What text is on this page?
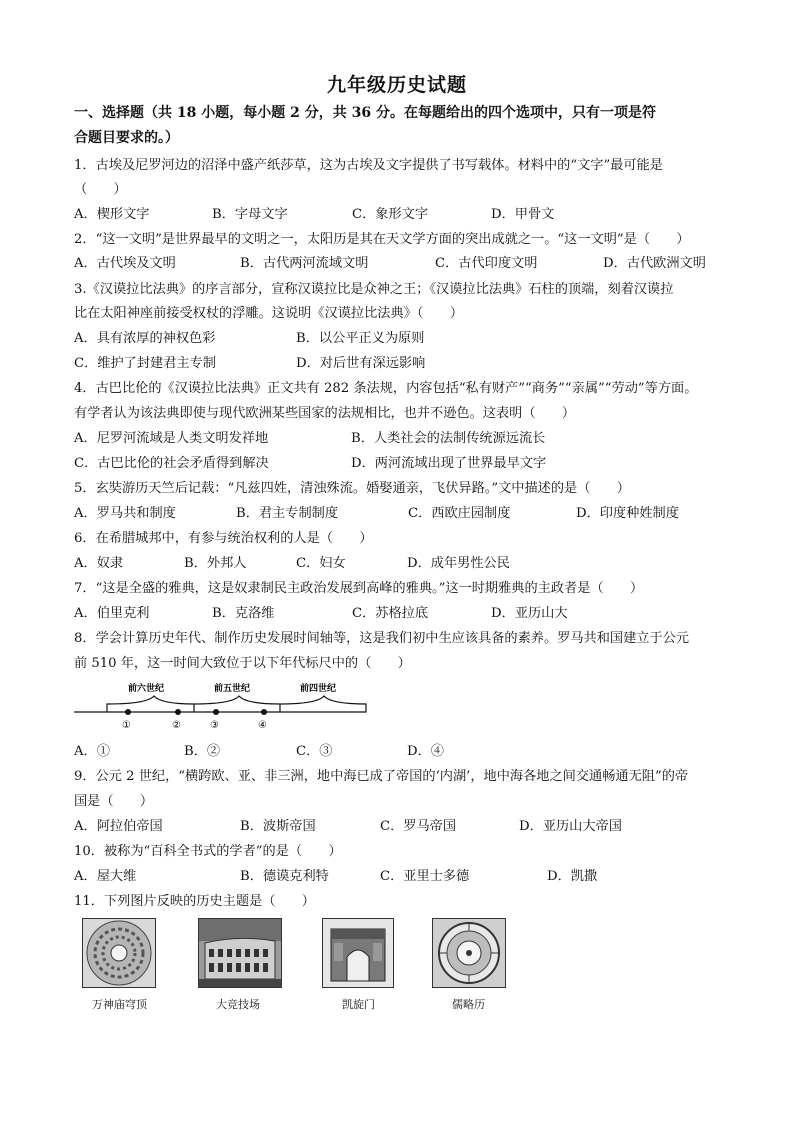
九年级历史试题
一、选择题（共 18 小题，每小题 2 分，共 36 分。在每题给出的四个选项中，只有一项是符
合题目要求的。）
1．古埃及尼罗河边的沼泽中盛产纸莎草，这为古埃及文字提供了书写载体。材料中的“文字”最可能是
（　　）
A．楔形文字	B．字母文字	C．象形文字	D．甲骨文
2．“这一文明”是世界最早的文明之一，太阳历是其在天文学方面的突出成就之一。“这一文明”是（　　）
A．古代埃及文明	B．古代两河流域文明	C．古代印度文明	D．古代欧洲文明
3.《汉谟拉比法典》的序言部分，宣称汉谟拉比是众神之王；《汉谟拉比法典》石柱的顶端，刻着汉谟拉
比在太阳神座前接受权杖的浮雕。这说明《汉谟拉比法典》（　　）
A．具有浓厚的神权色彩	B．以公平正义为原则
C．维护了封建君主专制	D．对后世有深远影响
4．古巴比伦的《汉谟拉比法典》正文共有 282 条法规，内容包括“私有财产”“商务”“亲属”“劳动”等方面。
有学者认为该法典即使与现代欧洲某些国家的法规相比，也并不逊色。这表明（　　）
A．尼罗河流域是人类文明发祥地	B．人类社会的法制传统源远流长
C．古巴比伦的社会矛盾得到解决	D．两河流域出现了世界最早文字
5．玄奘游历天竺后记载：“凡兹四姓，清浊殊流。婚娶通亲，飞伏异路。”文中描述的是（　　）
A．罗马共和制度	B．君主专制制度	C．西欧庄园制度	D．印度种姓制度
6．在希腊城邦中，有参与统治权利的人是（　　）
A．奴隶	B．外邦人	C．妇女	D．成年男性公民
7．“这是全盛的雅典，这是奴隶制民主政治发展到高峰的雅典。”这一时期雅典的主政者是（　　）
A．伯里克利	B．克洛维	C．苏格拉底	D．亚历山大
8．学会计算历史年代、制作历史发展时间轴等，这是我们初中生应该具备的素养。罗马共和国建立于公元
前 510 年，这一时间大致位于以下年代标尺中的（　　）
前六世纪	前五世纪	前四世纪
①	②	③	④
A．①	B．②	C．③	D．④
9．公元 2 世纪，“横跨欧、亚、非三洲，地中海已成了帝国的‘内湖’，地中海各地之间交通畅通无阻”的帝
国是（　　）
A．阿拉伯帝国	B．波斯帝国	C．罗马帝国	D．亚历山大帝国
10．被称为“百科全书式的学者”的是（　　）
A．屋大维	B．德谟克利特	C．亚里士多德	D．凯撒
11．下列图片反映的历史主题是（　　）
万神庙穹顶	大竞技场	凯旋门	儒略历
